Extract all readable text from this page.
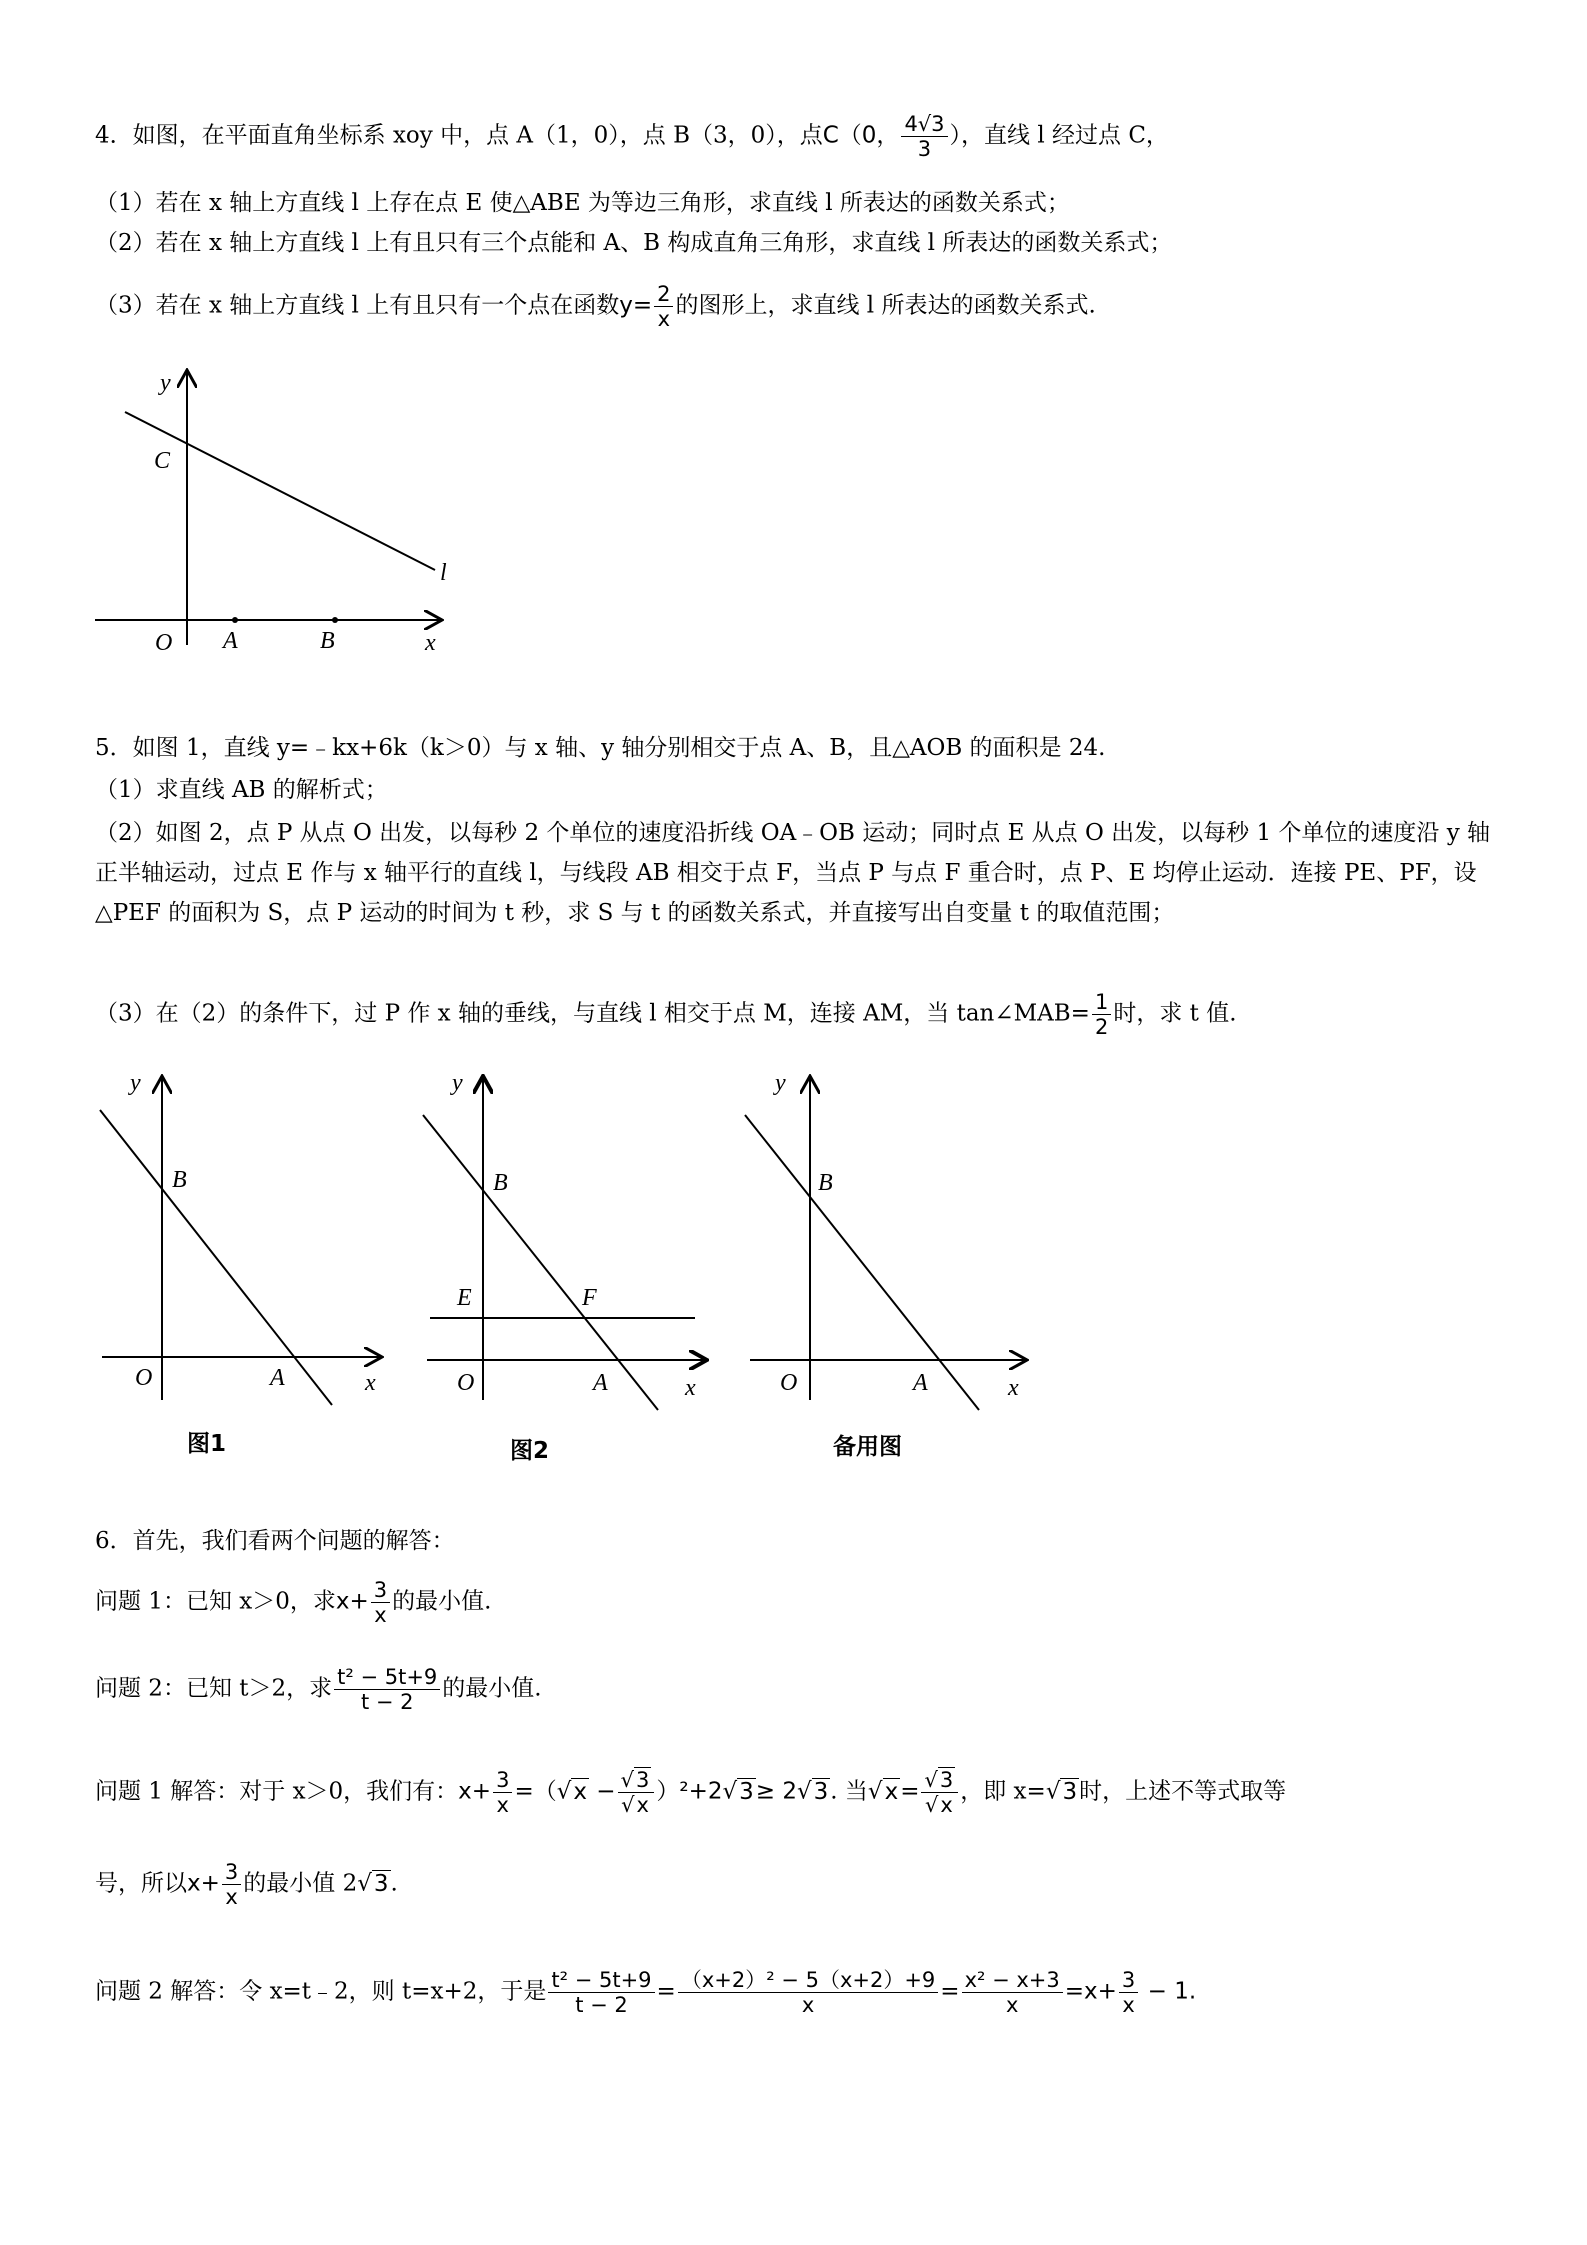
4．如图，在平面直角坐标系 xoy 中，点 A（1，0），点 B（3，0），点C（0， $\frac{4√3}{3}$ ），直线 l 经过点 C，
（1）若在 x 轴上方直线 l 上存在点 E 使△ABE 为等边三角形，求直线 l 所表达的函数关系式；
（2）若在 x 轴上方直线 l 上有且只有三个点能和 A、B 构成直角三角形，求直线 l 所表达的函数关系式；
（3）若在 x 轴上方直线 l 上有且只有一个点在函数$y= \frac{2}{x}$ 的图形上，求直线 l 所表达的函数关系式.
y
C
O A	B	x
l
5．如图 1，直线 y=﹣kx+6k（k＞0）与 x 轴、y 轴分别相交于点 A、B，且△AOB 的面积是 24.
（1）求直线 AB 的解析式；
（2）如图 2，点 P 从点 O 出发，以每秒 2 个单位的速度沿折线 OA﹣OB 运动；同时点 E 从点 O 出发，以每秒 1 个单位的速度沿 y 轴正半轴运动，过点 E 作与 x 轴平行的直线 l，与线段 AB 相交于点 F，当点 P 与点 F 重合时，点 P、E 均停止运动．连接 PE、PF，设△PEF 的面积为 S，点 P 运动的时间为 t 秒，求 S 与 t 的函数关系式，并直接写出自变量 t 的取值范围；
（3）在（2）的条件下，过 P 作 x 轴的垂线，与直线 l 相交于点 M，连接 AM，当 tan∠MAB= $\frac{1}{2}$ 时，求 t 值.
y
B
O	A	x
图1
y
B
E	F
O	A	x
图2
y
B
O	A	x
备用图
6．首先，我们看两个问题的解答：
问题 1：已知 x＞0，求$x+ \frac{3}{x}$ 的最小值.
问题 2：已知 t＞2，求 $\frac{\text{t² − 5t+9}}{t - 2}$ 的最小值.
问题 1 解答：对于 x＞0，我们有：$x+ \frac{3}{x} =(√x - \frac{√3}{√x} )^2+2√3\ge 2√3$. 当$√x= \frac{√3}{√x}$ ，即 x=√3时，上述不等式取等
号，所以$x+ \frac{3}{x}$ 的最小值 2√3.
问题 2 解答：令 x=t﹣2，则 t=x+2，于是 $\frac{\text{t² − 5t+9}}{t - 2} = \frac{\text{（x+2）² − 5（x+2）+9}}{x} = \frac{\text{x² − x+3}}{x} =x+ \frac{3}{x} - 1$.
